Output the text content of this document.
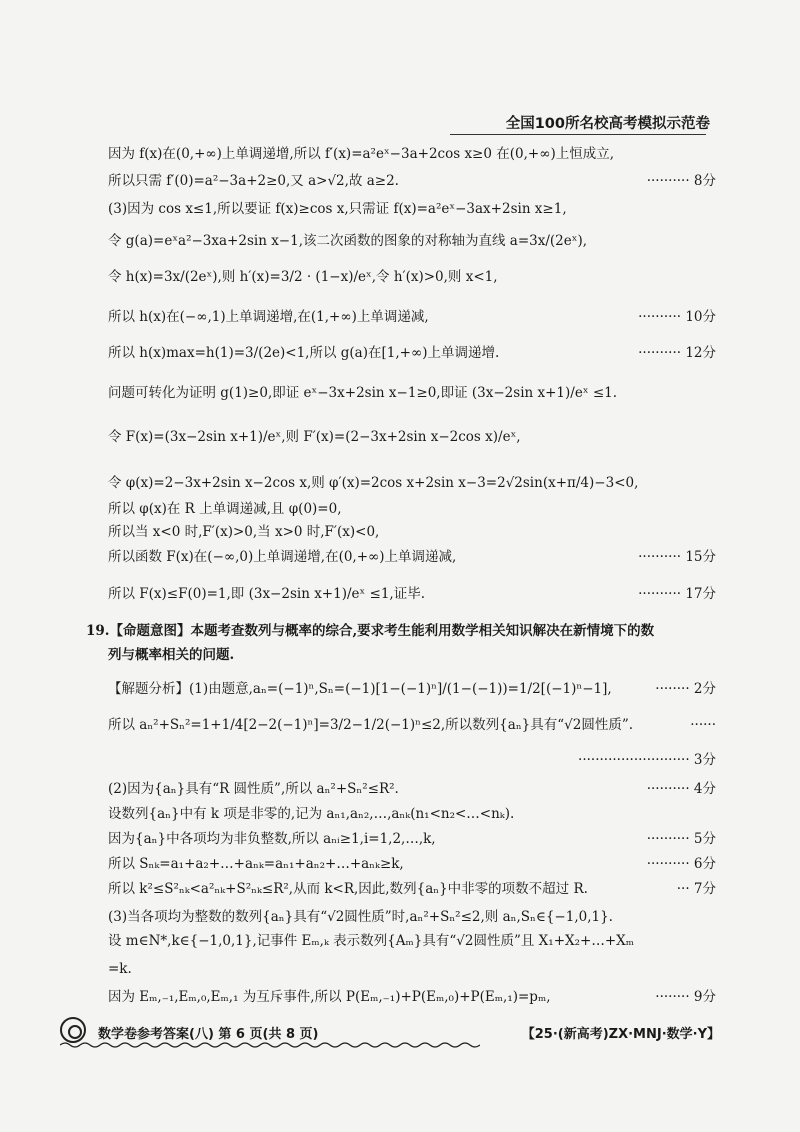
全国100所名校高考模拟示范卷
因为 f(x)在(0,+∞)上单调递增,所以 f′(x)=a²eˣ−3a+2cos x≥0 在(0,+∞)上恒成立,
所以只需 f′(0)=a²−3a+2≥0,又 a>√2,故 a≥2.	·········· 8分
(3)因为 cos x≤1,所以要证 f(x)≥cos x,只需证 f(x)=a²eˣ−3ax+2sin x≥1,
令 g(a)=eˣa²−3xa+2sin x−1,该二次函数的图象的对称轴为直线 a=3x/(2eˣ),
令 h(x)=3x/(2eˣ),则 h′(x)=3/2 · (1−x)/eˣ,令 h′(x)>0,则 x<1,
所以 h(x)在(−∞,1)上单调递增,在(1,+∞)上单调递减,	·········· 10分
所以 h(x)max=h(1)=3/(2e)<1,所以 g(a)在[1,+∞)上单调递增.	·········· 12分
问题可转化为证明 g(1)≥0,即证 eˣ−3x+2sin x−1≥0,即证 (3x−2sin x+1)/eˣ ≤1.
令 F(x)=(3x−2sin x+1)/eˣ,则 F′(x)=(2−3x+2sin x−2cos x)/eˣ,
令 φ(x)=2−3x+2sin x−2cos x,则 φ′(x)=2cos x+2sin x−3=2√2sin(x+π/4)−3<0,
所以 φ(x)在 R 上单调递减,且 φ(0)=0,
所以当 x<0 时,F′(x)>0,当 x>0 时,F′(x)<0,
所以函数 F(x)在(−∞,0)上单调递增,在(0,+∞)上单调递减,	·········· 15分
所以 F(x)≤F(0)=1,即 (3x−2sin x+1)/eˣ ≤1,证毕.	·········· 17分
19.【命题意图】本题考查数列与概率的综合,要求考生能利用数学相关知识解决在新情境下的数
列与概率相关的问题.
【解题分析】(1)由题意,aₙ=(−1)ⁿ,Sₙ=(−1)[1−(−1)ⁿ]/(1−(−1))=1/2[(−1)ⁿ−1],	········ 2分
所以 aₙ²+Sₙ²=1+1/4[2−2(−1)ⁿ]=3/2−1/2(−1)ⁿ≤2,所以数列{aₙ}具有“√2圆性质”.	······
·························· 3分
(2)因为{aₙ}具有“R 圆性质”,所以 aₙ²+Sₙ²≤R².	·········· 4分
设数列{aₙ}中有 k 项是非零的,记为 aₙ₁,aₙ₂,…,aₙₖ(n₁<n₂<…<nₖ).
因为{aₙ}中各项均为非负整数,所以 aₙᵢ≥1,i=1,2,…,k,	·········· 5分
所以 Sₙₖ=a₁+a₂+…+aₙₖ=aₙ₁+aₙ₂+…+aₙₖ≥k,	·········· 6分
所以 k²≤S²ₙₖ<a²ₙₖ+S²ₙₖ≤R²,从而 k<R,因此,数列{aₙ}中非零的项数不超过 R.	··· 7分
(3)当各项均为整数的数列{aₙ}具有“√2圆性质”时,aₙ²+Sₙ²≤2,则 aₙ,Sₙ∈{−1,0,1}.
设 m∈N*,k∈{−1,0,1},记事件 Eₘ,ₖ 表示数列{Aₘ}具有“√2圆性质”且 X₁+X₂+…+Xₘ
=k.
因为 Eₘ,₋₁,Eₘ,₀,Eₘ,₁ 为互斥事件,所以 P(Eₘ,₋₁)+P(Eₘ,₀)+P(Eₘ,₁)=pₘ,	········ 9分
数学卷参考答案(八) 第 6 页(共 8 页)	【25·(新高考)ZX·MNJ·数学·Y】
